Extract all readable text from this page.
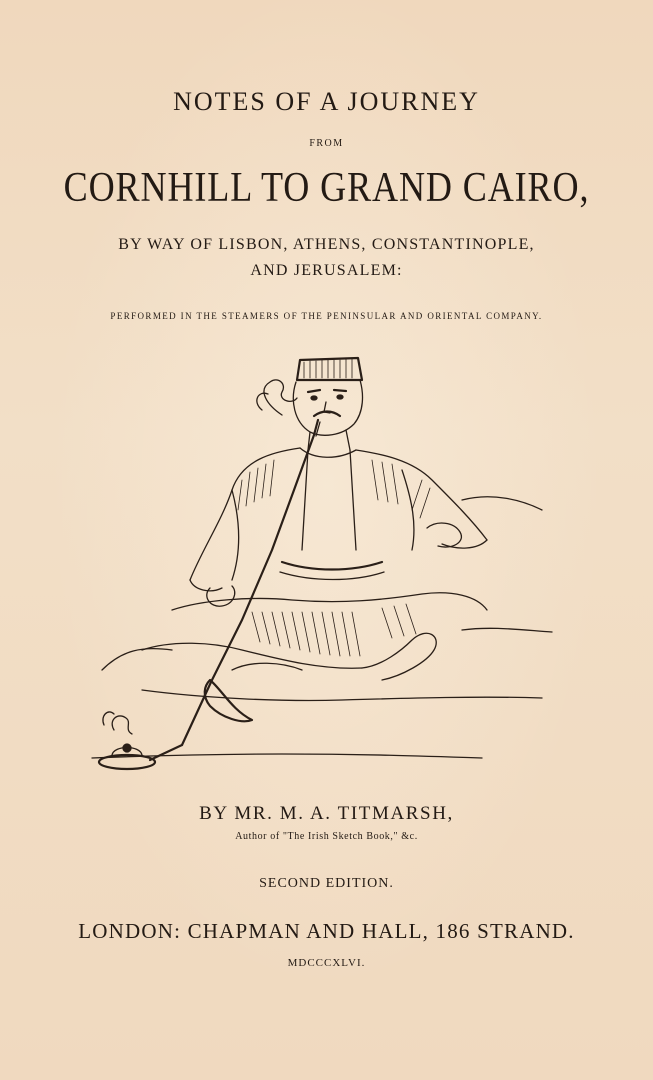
NOTES OF A JOURNEY
FROM
CORNHILL TO GRAND CAIRO,
BY WAY OF LISBON, ATHENS, CONSTANTINOPLE,
AND JERUSALEM:
PERFORMED IN THE STEAMERS OF THE PENINSULAR AND ORIENTAL COMPANY.
BY MR. M. A. TITMARSH,
Author of "The Irish Sketch Book," &c.
SECOND EDITION.
LONDON: CHAPMAN AND HALL, 186 STRAND.
MDCCCXLVI.
